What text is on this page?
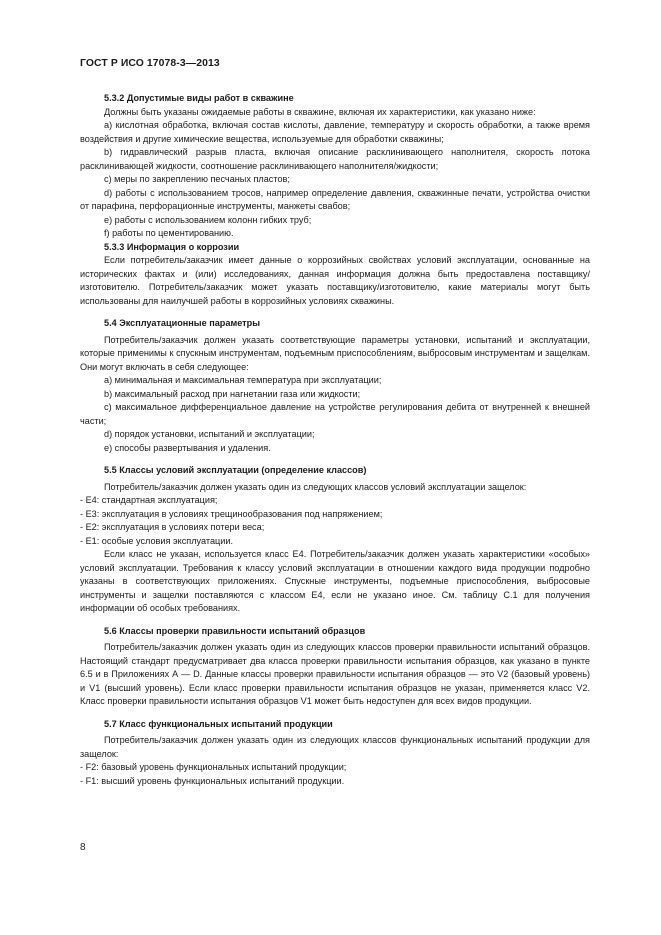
ГОСТ Р ИСО 17078-3—2013

5.3.2 Допустимые виды работ в скважине

Должны быть указаны ожидаемые работы в скважине, включая их характеристики, как указано ниже:

a) кислотная обработка, включая состав кислоты, давление, температуру и скорость обработки, а также время воздействия и другие химические вещества, используемые для обработки скважины;

b) гидравлический разрыв пласта, включая описание расклинивающего наполнителя, скорость потока расклинивающей жидкости, соотношение расклинивающего наполнителя/жидкости;

c) меры по закреплению песчаных пластов;

d) работы с использованием тросов, например определение давления, скважинные печати, устройства очистки от парафина, перфорационные инструменты, манжеты свабов;

e) работы с использованием колонн гибких труб;

f) работы по цементированию.

5.3.3 Информация о коррозии

Если потребитель/заказчик имеет данные о коррозийных свойствах условий эксплуатации, основанные на исторических фактах и (или) исследованиях, данная информация должна быть предоставлена поставщику/изготовителю. Потребитель/заказчик может указать поставщику/изготовителю, какие материалы могут быть использованы для наилучшей работы в коррозийных условиях скважины.

5.4 Эксплуатационные параметры

Потребитель/заказчик должен указать соответствующие параметры установки, испытаний и эксплуатации, которые применимы к спускным инструментам, подъемным приспособлениям, выбросовым инструментам и защелкам. Они могут включать в себя следующее:

a) минимальная и максимальная температура при эксплуатации;

b) максимальный расход при нагнетании газа или жидкости;

c) максимальное дифференциальное давление на устройстве регулирования дебита от внутренней к внешней части;

d) порядок установки, испытаний и эксплуатации;

e) способы развертывания и удаления.

5.5 Классы условий эксплуатации (определение классов)

Потребитель/заказчик должен указать один из следующих классов условий эксплуатации защелок:

- E4: стандартная эксплуатация;

- E3: эксплуатация в условиях трещинообразования под напряжением;

- E2: эксплуатация в условиях потери веса;

- E1: особые условия эксплуатации.

Если класс не указан, используется класс E4. Потребитель/заказчик должен указать характеристики «особых» условий эксплуатации. Требования к классу условий эксплуатации в отношении каждого вида продукции подробно указаны в соответствующих приложениях. Спускные инструменты, подъемные приспособления, выбросовые инструменты и защелки поставляются с классом E4, если не указано иное. См. таблицу С.1 для получения информации об особых требованиях.

5.6 Классы проверки правильности испытаний образцов

Потребитель/заказчик должен указать один из следующих классов проверки правильности испытаний образцов. Настоящий стандарт предусматривает два класса проверки правильности испытания образцов, как указано в пункте 6.5 и в Приложениях А — D. Данные классы проверки правильности испытания образцов — это V2 (базовый уровень) и V1 (высший уровень). Если класс проверки правильности испытания образцов не указан, применяется класс V2. Класс проверки правильности испытания образцов V1 может быть недоступен для всех видов продукции.

5.7 Класс функциональных испытаний продукции

Потребитель/заказчик должен указать один из следующих классов функциональных испытаний продукции для защелок:

- F2: базовый уровень функциональных испытаний продукции;

- F1: высший уровень функциональных испытаний продукции.

8
